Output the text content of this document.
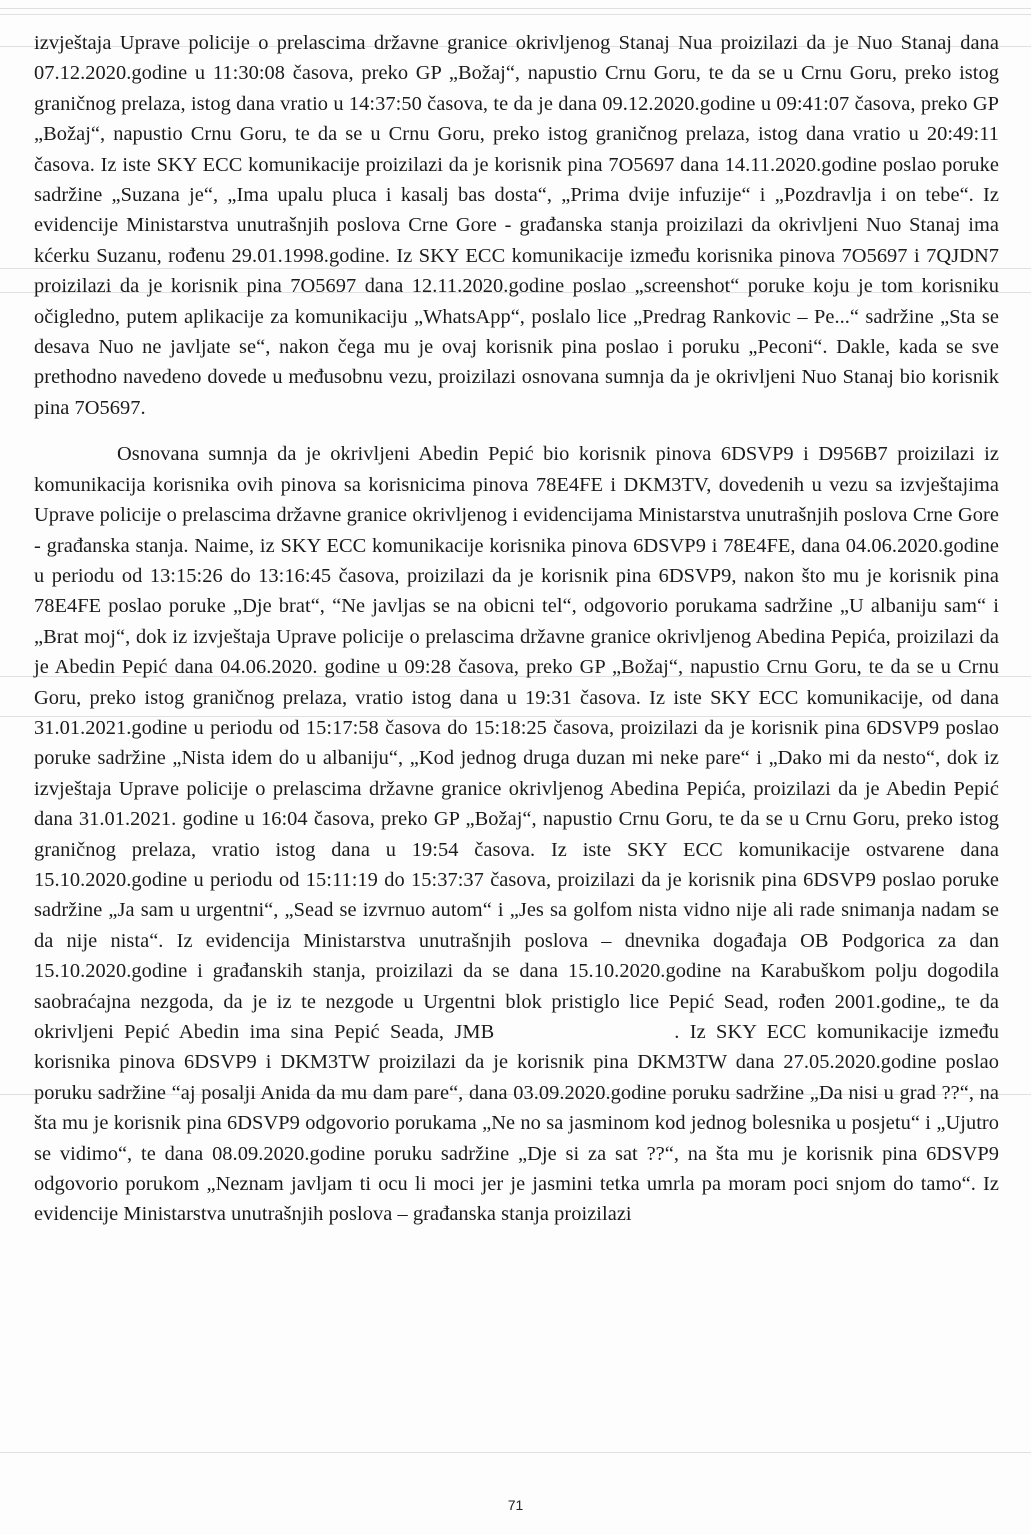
izvještaja Uprave policije o prelascima državne granice okrivljenog Stanaj Nua proizilazi da je Nuo Stanaj dana 07.12.2020.godine u 11:30:08 časova, preko GP „Božaj“, napustio Crnu Goru, te da se u Crnu Goru, preko istog graničnog prelaza, istog dana vratio u 14:37:50 časova, te da je dana 09.12.2020.godine u 09:41:07 časova, preko GP „Božaj“, napustio Crnu Goru, te da se u Crnu Goru, preko istog graničnog prelaza, istog dana vratio u 20:49:11 časova. Iz iste SKY ECC komunikacije proizilazi da je korisnik pina 7O5697 dana 14.11.2020.godine poslao poruke sadržine „Suzana je“, „Ima upalu pluca i kasalj bas dosta“, „Prima dvije infuzije“ i „Pozdravlja i on tebe“. Iz evidencije Ministarstva unutrašnjih poslova Crne Gore - građanska stanja proizilazi da okrivljeni Nuo Stanaj ima kćerku Suzanu, rođenu 29.01.1998.godine. Iz SKY ECC komunikacije između korisnika pinova 7O5697 i 7QJDN7 proizilazi da je korisnik pina 7O5697 dana 12.11.2020.godine poslao „screenshot“ poruke koju je tom korisniku očigledno, putem aplikacije za komunikaciju „WhatsApp“, poslalo lice „Predrag Rankovic – Pe...“ sadržine „Sta se desava Nuo ne javljate se“, nakon čega mu je ovaj korisnik pina poslao i poruku „Peconi“. Dakle, kada se sve prethodno navedeno dovede u međusobnu vezu, proizilazi osnovana sumnja da je okrivljeni Nuo Stanaj bio korisnik pina 7O5697.

Osnovana sumnja da je okrivljeni Abedin Pepić bio korisnik pinova 6DSVP9 i D956B7 proizilazi iz komunikacija korisnika ovih pinova sa korisnicima pinova 78E4FE i DKM3TV, dovedenih u vezu sa izvještajima Uprave policije o prelascima državne granice okrivljenog i evidencijama Ministarstva unutrašnjih poslova Crne Gore - građanska stanja. Naime, iz SKY ECC komunikacije korisnika pinova 6DSVP9 i 78E4FE, dana 04.06.2020.godine u periodu od 13:15:26 do 13:16:45 časova, proizilazi da je korisnik pina 6DSVP9, nakon što mu je korisnik pina 78E4FE poslao poruke „Dje brat“, “Ne javljas se na obicni tel“, odgovorio porukama sadržine „U albaniju sam“ i „Brat moj“, dok iz izvještaja Uprave policije o prelascima državne granice okrivljenog Abedina Pepića, proizilazi da je Abedin Pepić dana 04.06.2020. godine u 09:28 časova, preko GP „Božaj“, napustio Crnu Goru, te da se u Crnu Goru, preko istog graničnog prelaza, vratio istog dana u 19:31 časova. Iz iste SKY ECC komunikacije, od dana 31.01.2021.godine u periodu od 15:17:58 časova do 15:18:25 časova, proizilazi da je korisnik pina 6DSVP9 poslao poruke sadržine „Nista idem do u albaniju“, „Kod jednog druga duzan mi neke pare“ i „Dako mi da nesto“, dok iz izvještaja Uprave policije o prelascima državne granice okrivljenog Abedina Pepića, proizilazi da je Abedin Pepić dana 31.01.2021. godine u 16:04 časova, preko GP „Božaj“, napustio Crnu Goru, te da se u Crnu Goru, preko istog graničnog prelaza, vratio istog dana u 19:54 časova. Iz iste SKY ECC komunikacije ostvarene dana 15.10.2020.godine u periodu od 15:11:19 do 15:37:37 časova, proizilazi da je korisnik pina 6DSVP9 poslao poruke sadržine „Ja sam u urgentni“, „Sead se izvrnuo autom“ i „Jes sa golfom nista vidno nije ali rade snimanja nadam se da nije nista“. Iz evidencija Ministarstva unutrašnjih poslova – dnevnika događaja OB Podgorica za dan 15.10.2020.godine i građanskih stanja, proizilazi da se dana 15.10.2020.godine na Karabuškom polju dogodila saobraćajna nezgoda, da je iz te nezgode u Urgentni blok pristiglo lice Pepić Sead, rođen 2001.godine„ te da okrivljeni Pepić Abedin ima sina Pepić Seada, JMB	. Iz SKY ECC komunikacije između korisnika pinova 6DSVP9 i DKM3TW proizilazi da je korisnik pina DKM3TW dana 27.05.2020.godine poslao poruku sadržine “aj posalji Anida da mu dam pare“, dana 03.09.2020.godine poruku sadržine „Da nisi u grad ??“, na šta mu je korisnik pina 6DSVP9 odgovorio porukama „Ne no sa jasminom kod jednog bolesnika u posjetu“ i „Ujutro se vidimo“, te dana 08.09.2020.godine poruku sadržine „Dje si za sat ??“, na šta mu je korisnik pina 6DSVP9 odgovorio porukom „Neznam javljam ti ocu li moci jer je jasmini tetka umrla pa moram poci snjom do tamo“. Iz evidencije Ministarstva unutrašnjih poslova – građanska stanja proizilazi

71
